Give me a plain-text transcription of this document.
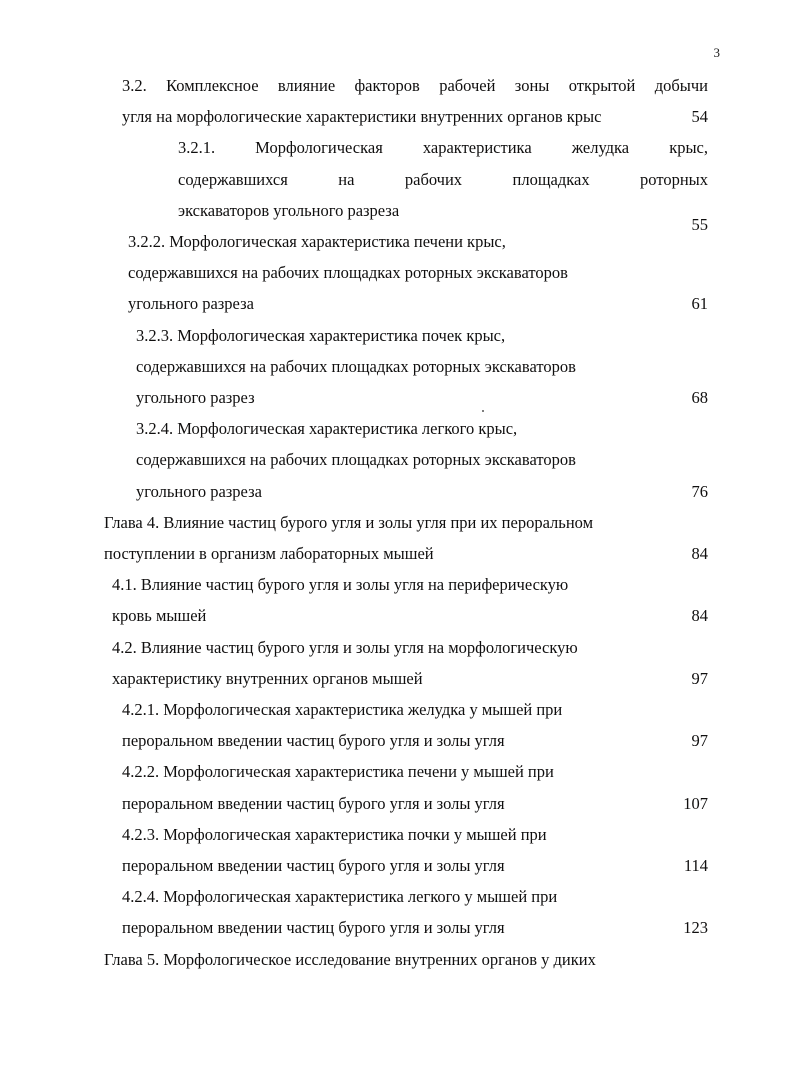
3
3.2. Комплексное влияние факторов рабочей зоны открытой добычи
угля на морфологические характеристики внутренних органов крыс	54
3.2.1. Морфологическая характеристика желудка крыс,
содержавшихся на рабочих площадках роторных
экскаваторов угольного разреза
55
3.2.2. Морфологическая характеристика печени крыс,
содержавшихся на рабочих площадках роторных экскаваторов
угольного разреза	61
3.2.3. Морфологическая характеристика почек крыс,
содержавшихся на рабочих площадках роторных экскаваторов
угольного разрез	68
3.2.4. Морфологическая характеристика легкого крыс,
содержавшихся на рабочих площадках роторных экскаваторов
угольного разреза	76
Глава 4. Влияние частиц бурого угля и золы угля при их пероральном
поступлении в организм лабораторных мышей	84
4.1. Влияние частиц бурого угля и золы угля на периферическую
кровь мышей	84
4.2. Влияние частиц бурого угля и золы угля на морфологическую
характеристику внутренних органов мышей	97
4.2.1. Морфологическая характеристика желудка у мышей при
пероральном введении частиц бурого угля и золы угля	97
4.2.2. Морфологическая характеристика печени у мышей при
пероральном введении частиц бурого угля и золы угля	107
4.2.3. Морфологическая характеристика почки у мышей при
пероральном введении частиц бурого угля и золы угля	114
4.2.4. Морфологическая характеристика легкого у мышей при
пероральном введении частиц бурого угля и золы угля	123
Глава 5. Морфологическое исследование внутренних органов у диких
